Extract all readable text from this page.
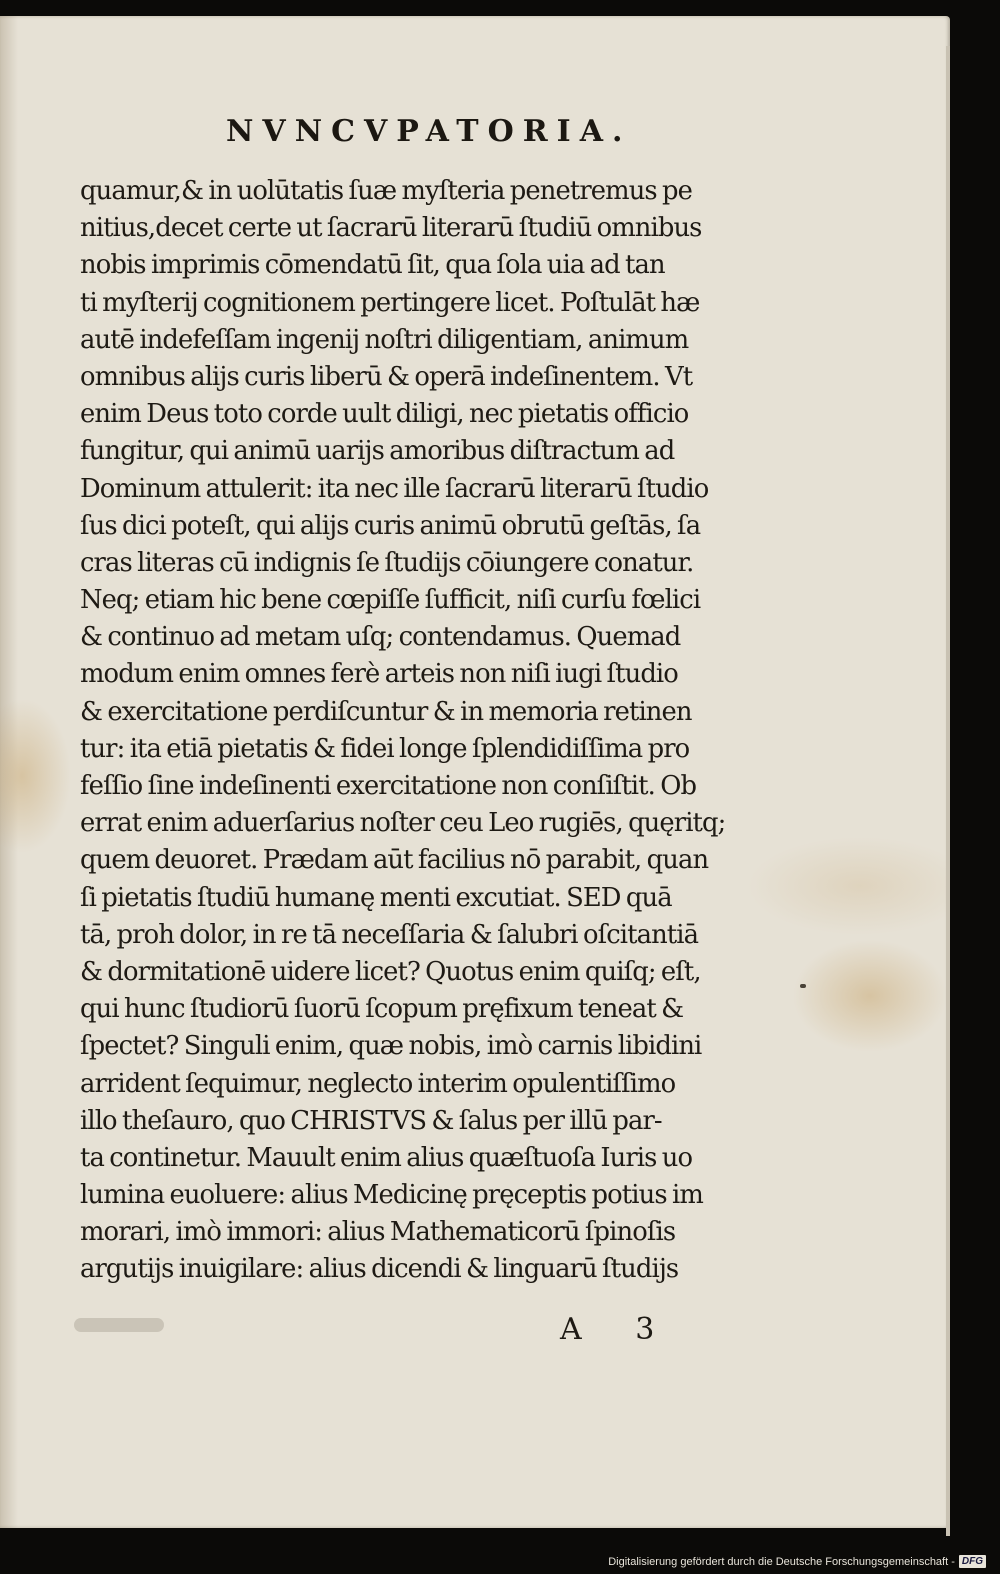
NVNCVPATORIA.
quamur,& in uolūtatis ſuæ myſteria penetremus pe
nitius,decet certe ut ſacrarū literarū ſtudiū omnibus
nobis imprimis cōmendatū ſit, qua ſola uia ad tan
ti myſterij cognitionem pertingere licet. Poſtulāt hæ
autē indefeſſam ingenij noſtri diligentiam, animum
omnibus alijs curis liberū & operā indeſinentem. Vt
enim Deus toto corde uult diligi, nec pietatis officio
fungitur, qui animū uarijs amoribus diſtractum ad
Dominum attulerit: ita nec ille ſacrarū literarū ſtudio
ſus dici poteſt, qui alijs curis animū obrutū geſtās, ſa
cras literas cū indignis ſe ſtudijs cōiungere conatur.
Neq; etiam hic bene cœpiſſe ſufficit, niſi curſu fœlici
& continuo ad metam uſq; contendamus. Quemad
modum enim omnes ferè arteis non niſi iugi ſtudio
& exercitatione perdiſcuntur & in memoria retinen
tur: ita etiā pietatis & fidei longe ſplendidiſſima pro
feſſio ſine indeſinenti exercitatione non conſiſtit. Ob
errat enim aduerſarius noſter ceu Leo rugiēs, quęritq;
quem deuoret. Prædam aūt facilius nō parabit, quan
ſi pietatis ſtudiū humanę menti excutiat. SED quā
tā, proh dolor, in re tā neceſſaria & ſalubri oſcitantiā
& dormitationē uidere licet? Quotus enim quiſq; eſt,
qui hunc ſtudiorū ſuorū ſcopum pręfixum teneat &
ſpectet? Singuli enim, quæ nobis, imò carnis libidini
arrident ſequimur, neglecto interim opulentiſſimo
illo theſauro, quo CHRISTVS & ſalus per illū par-
ta continetur. Mauult enim alius quæſtuoſa Iuris uo
lumina euoluere: alius Medicinę pręceptis potius im
morari, imò immori: alius Mathematicorū ſpinoſis
argutijs inuigilare: alius dicendi & linguarū ſtudijs
A 3
Digitalisierung gefördert durch die Deutsche Forschungsgemeinschaft - DFG
